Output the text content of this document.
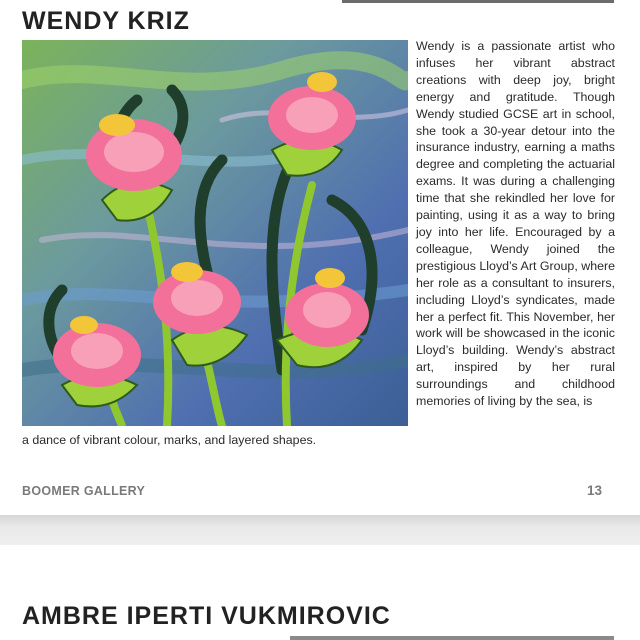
WENDY KRIZ

Wendy is a passionate artist who infuses her vibrant abstract creations with deep joy, bright energy and gratitude. Though Wendy studied GCSE art in school, she took a 30-year detour into the insurance industry, earning a maths degree and completing the actuarial exams. It was during a challenging time that she rekindled her love for painting, using it as a way to bring joy into her life. Encouraged by a colleague, Wendy joined the prestigious Lloyd’s Art Group, where her role as a consultant to insurers, including Lloyd’s syndicates, made her a perfect fit. This November, her work will be showcased in the iconic Lloyd’s building. Wendy’s abstract art, inspired by her rural surroundings and childhood memories of living by the sea, is

a dance of vibrant colour, marks, and layered shapes.

BOOMER GALLERY	13
AMBRE IPERTI VUKMIROVIC
